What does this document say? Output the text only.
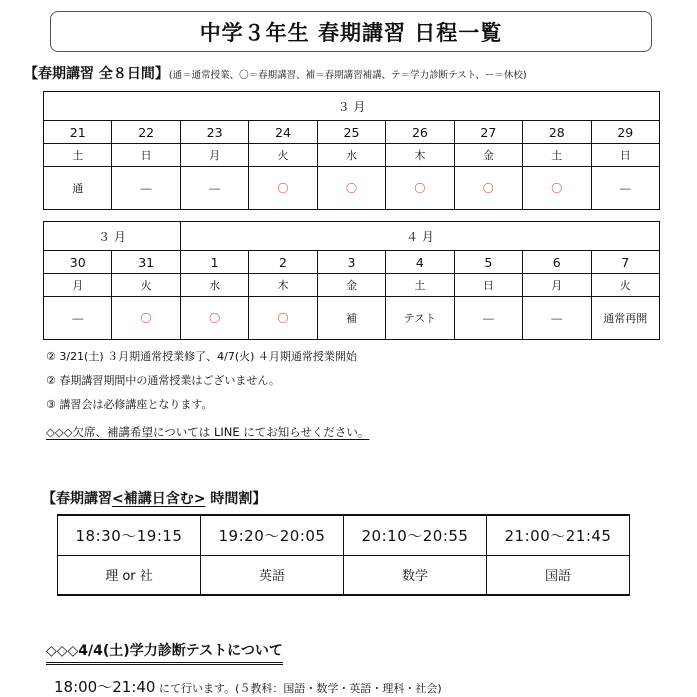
中学３年生 春期講習 日程一覧
【春期講習 全８日間】(通＝通常授業、〇＝春期講習、補＝春期講習補講、テ＝学力診断テスト、ー＝休校)
３ 月								
21	22	23	24	25	26	27	28	29
土	日	月	火	水	木	金	土	日
通	―	―	〇	〇	〇	〇	〇	―
３ 月		４ 月						
30	31	1	2	3	4	5	6	7
月	火	水	木	金	土	日	月	火
―	〇	〇	〇	補	テスト	―	―	通常再開
② 3/21(土) ３月期通常授業修了、4/7(火) ４月期通常授業開始
② 春期講習期間中の通常授業はございません。
③ 講習会は必修講座となります。
◇◇◇欠席、補講希望については LINE にてお知らせください。
【春期講習<補講日含む> 時間割】
18:30～19:15	19:20～20:05	20:10～20:55	21:00～21:45
理 or 社	英語	数学	国語
◇◇◇4/4(土)学力診断テストについて
18:00～21:40 にて行います。(５教科：国語・数学・英語・理科・社会)
